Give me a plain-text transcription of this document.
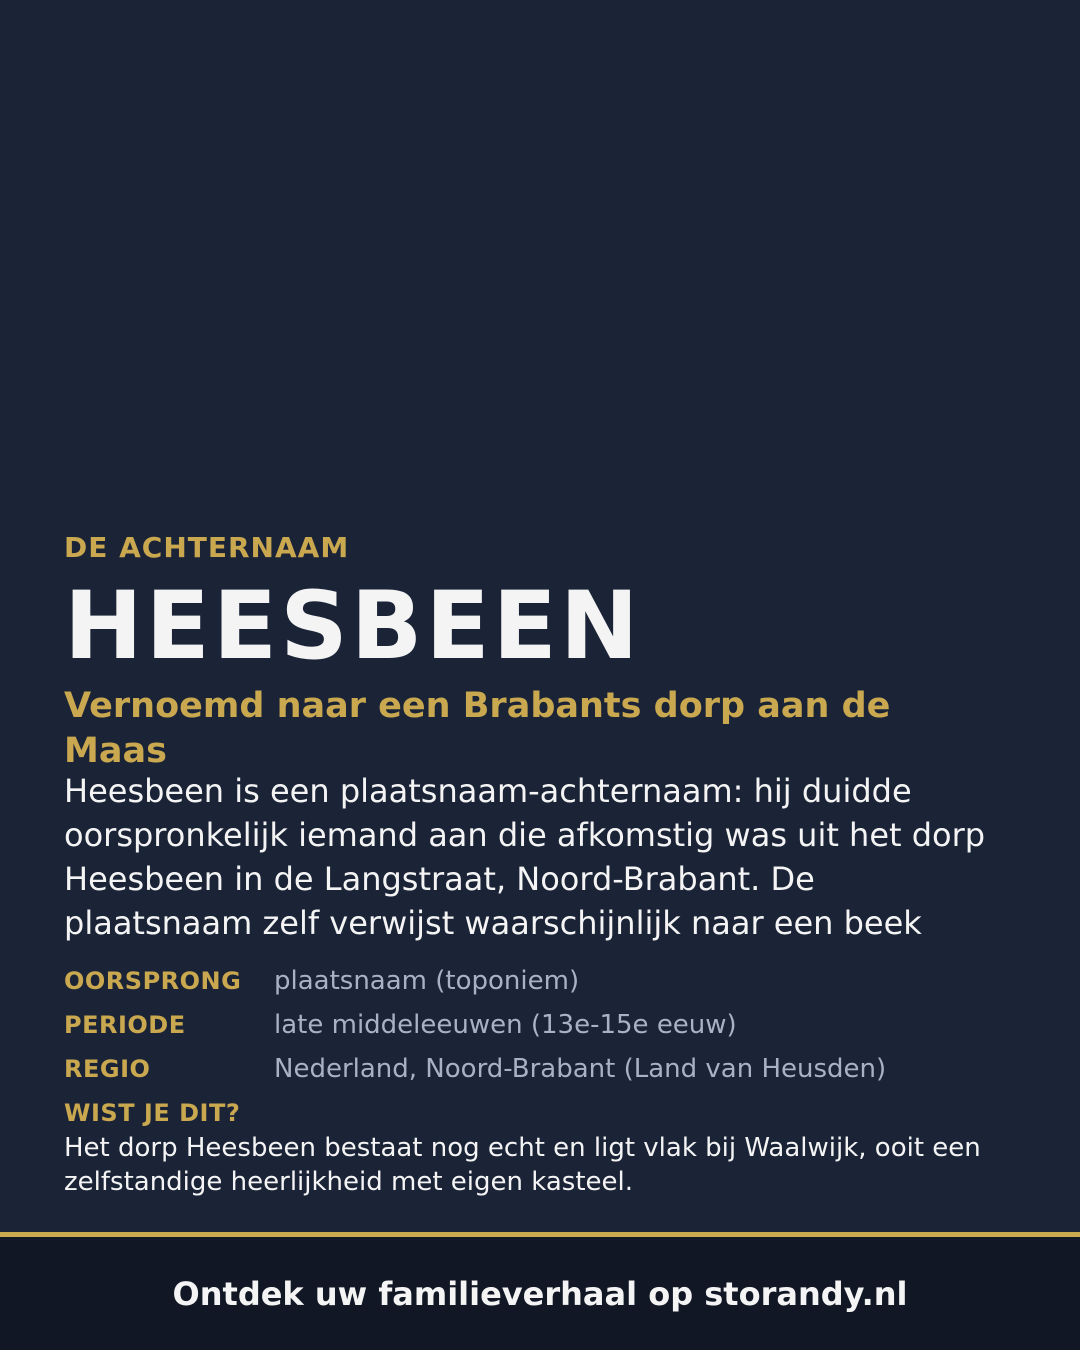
DE ACHTERNAAM
HEESBEEN
Vernoemd naar een Brabants dorp aan de Maas
Heesbeen is een plaatsnaam-achternaam: hij duidde oorspronkelijk iemand aan die afkomstig was uit het dorp Heesbeen in de Langstraat, Noord-Brabant. De plaatsnaam zelf verwijst waarschijnlijk naar een beek
OORSPRONG plaatsnaam (toponiem)
PERIODE	late middeleeuwen (13e-15e eeuw)
REGIO	Nederland, Noord-Brabant (Land van Heusden)
WIST JE DIT?
Het dorp Heesbeen bestaat nog echt en ligt vlak bij Waalwijk, ooit een zelfstandige heerlijkheid met eigen kasteel.
Ontdek uw familieverhaal op storandy.nl
